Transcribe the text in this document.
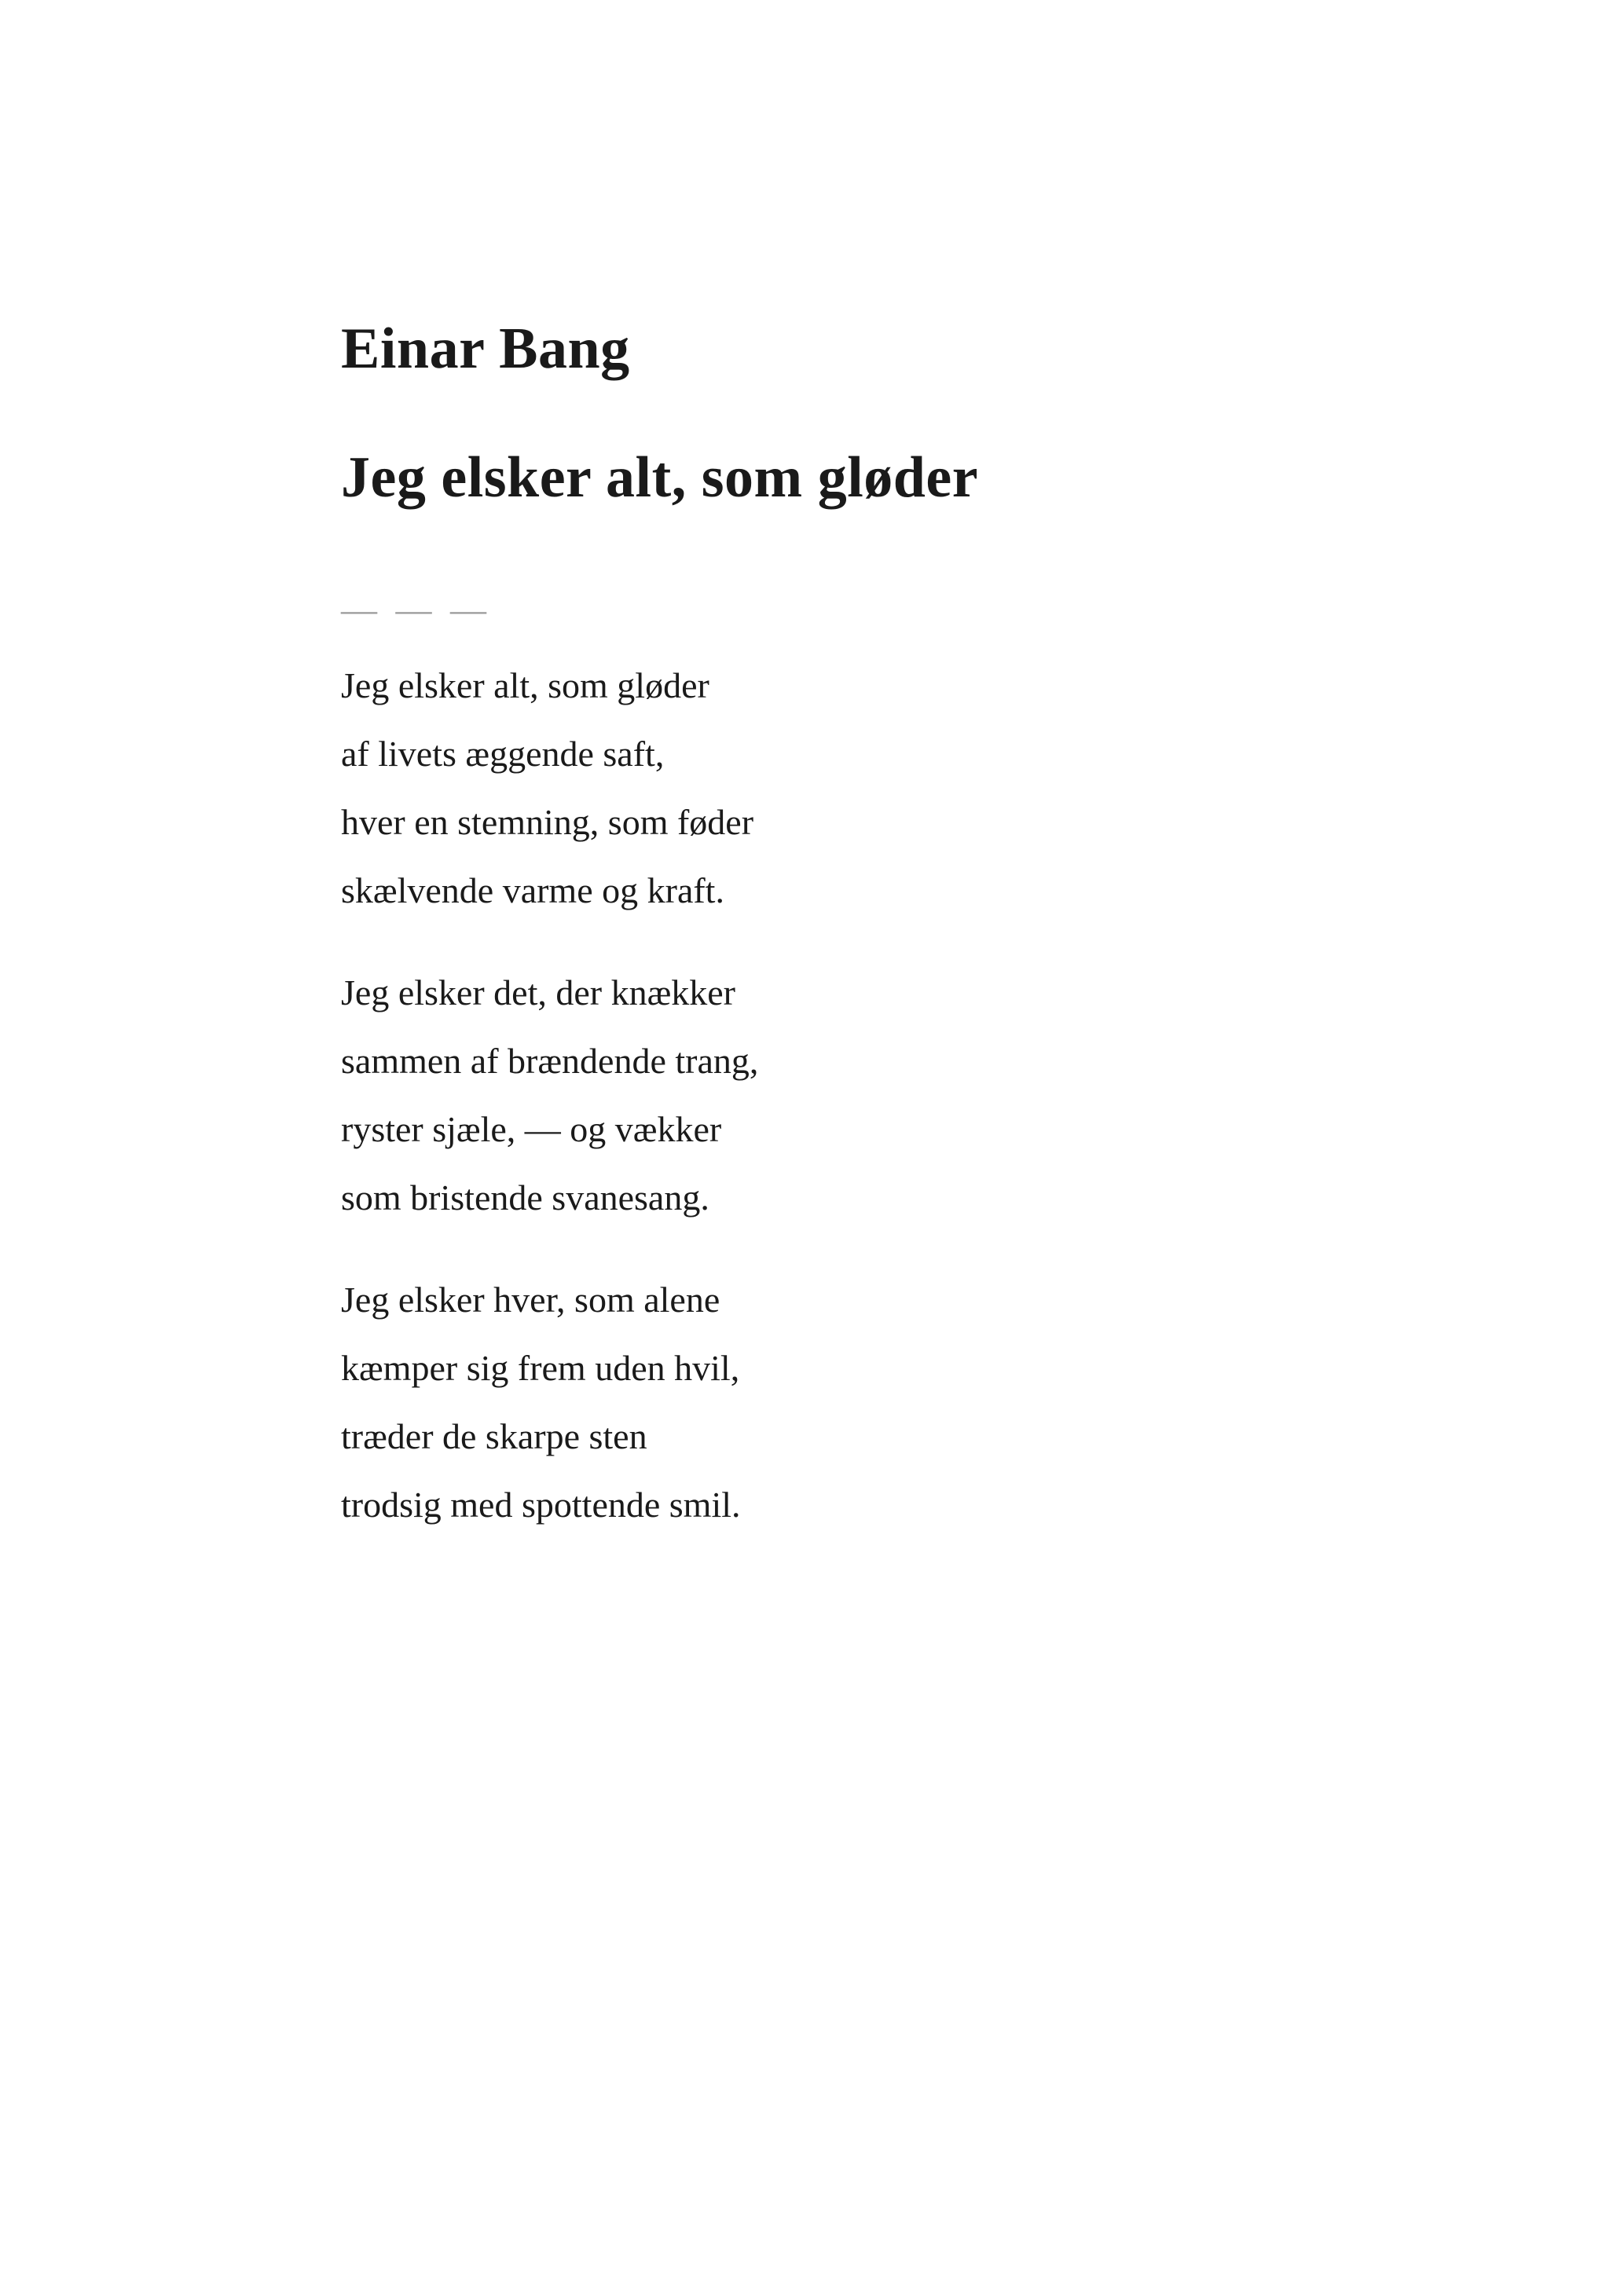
Einar Bang
Jeg elsker alt, som gløder
— — —
Jeg elsker alt, som gløder
af livets æggende saft,
hver en stemning, som føder
skælvende varme og kraft.
Jeg elsker det, der knækker
sammen af brændende trang,
ryster sjæle, — og vækker
som bristende svanesang.
Jeg elsker hver, som alene
kæmper sig frem uden hvil,
træder de skarpe sten
trodsig med spottende smil.
